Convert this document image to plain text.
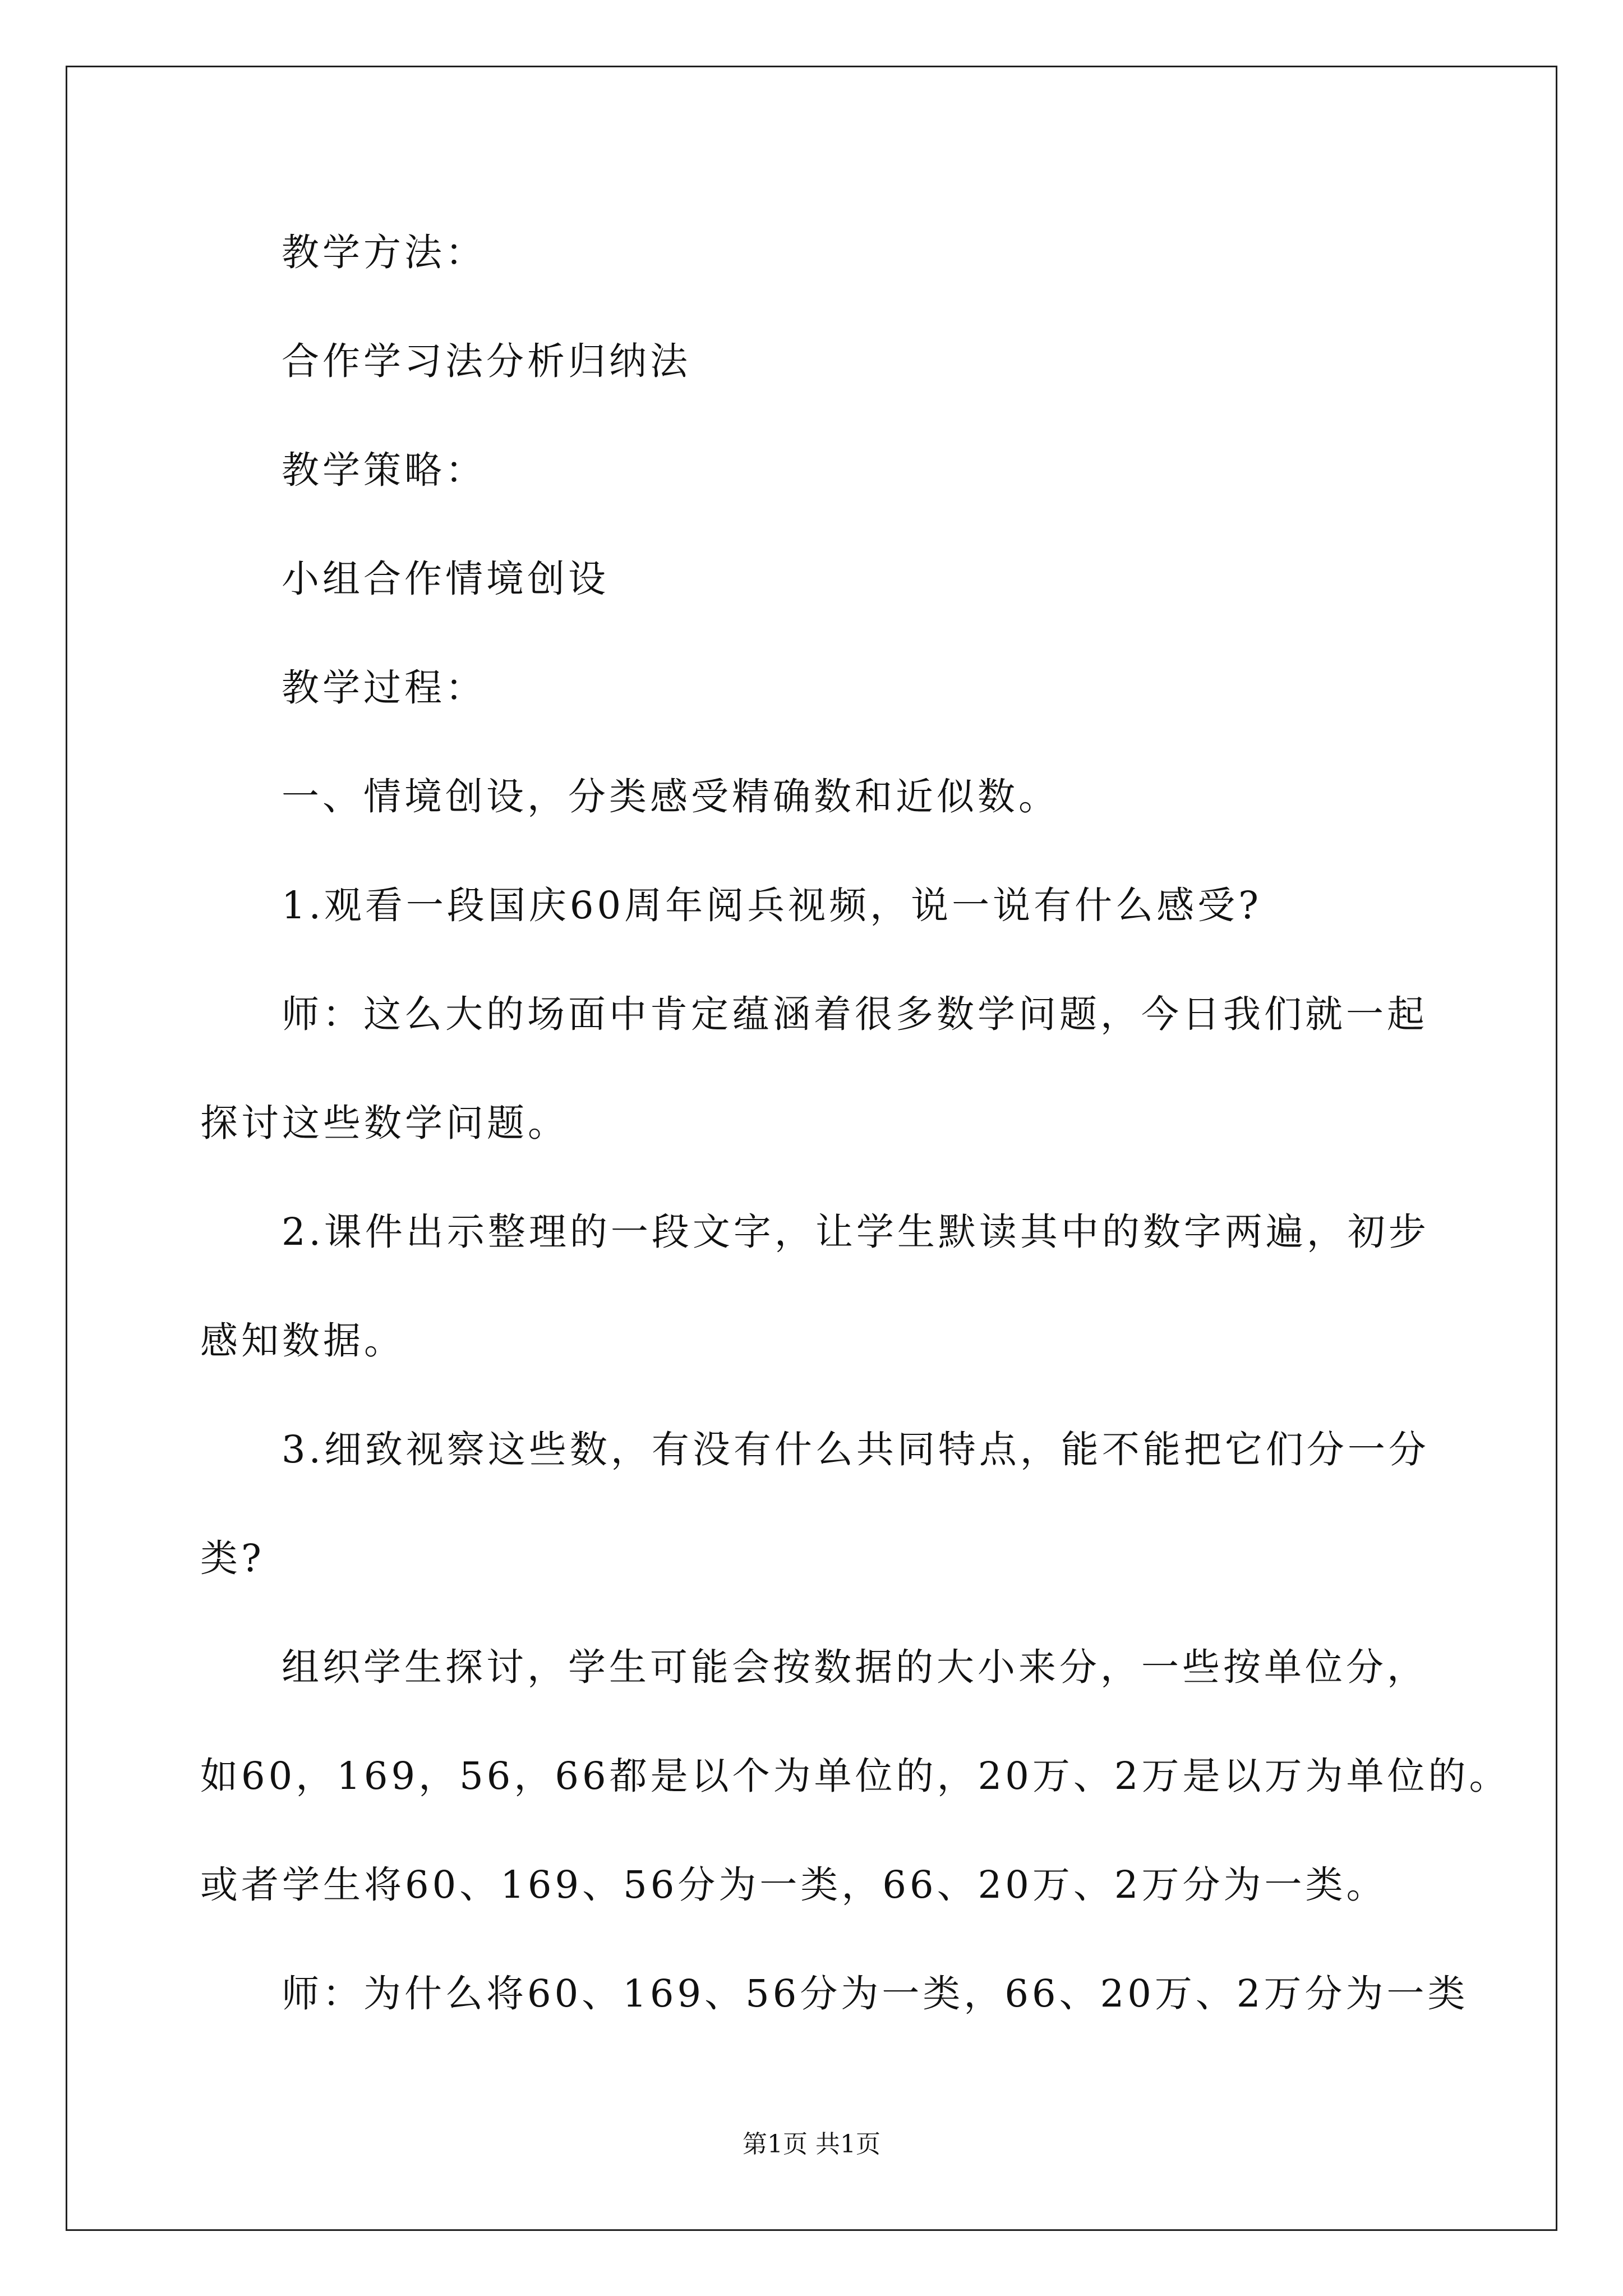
教学方法：
合作学习法分析归纳法
教学策略：
小组合作情境创设
教学过程：
一、情境创设，分类感受精确数和近似数。
1.观看一段国庆60周年阅兵视频，说一说有什么感受?
师：这么大的场面中肯定蕴涵着很多数学问题，今日我们就一起
探讨这些数学问题。
2.课件出示整理的一段文字，让学生默读其中的数字两遍，初步
感知数据。
3.细致视察这些数，有没有什么共同特点，能不能把它们分一分
类?
组织学生探讨，学生可能会按数据的大小来分，一些按单位分，
如60，169，56，66都是以个为单位的，20万、2万是以万为单位的。
或者学生将60、169、56分为一类，66、20万、2万分为一类。
师：为什么将60、169、56分为一类，66、20万、2万分为一类
第1页 共1页
